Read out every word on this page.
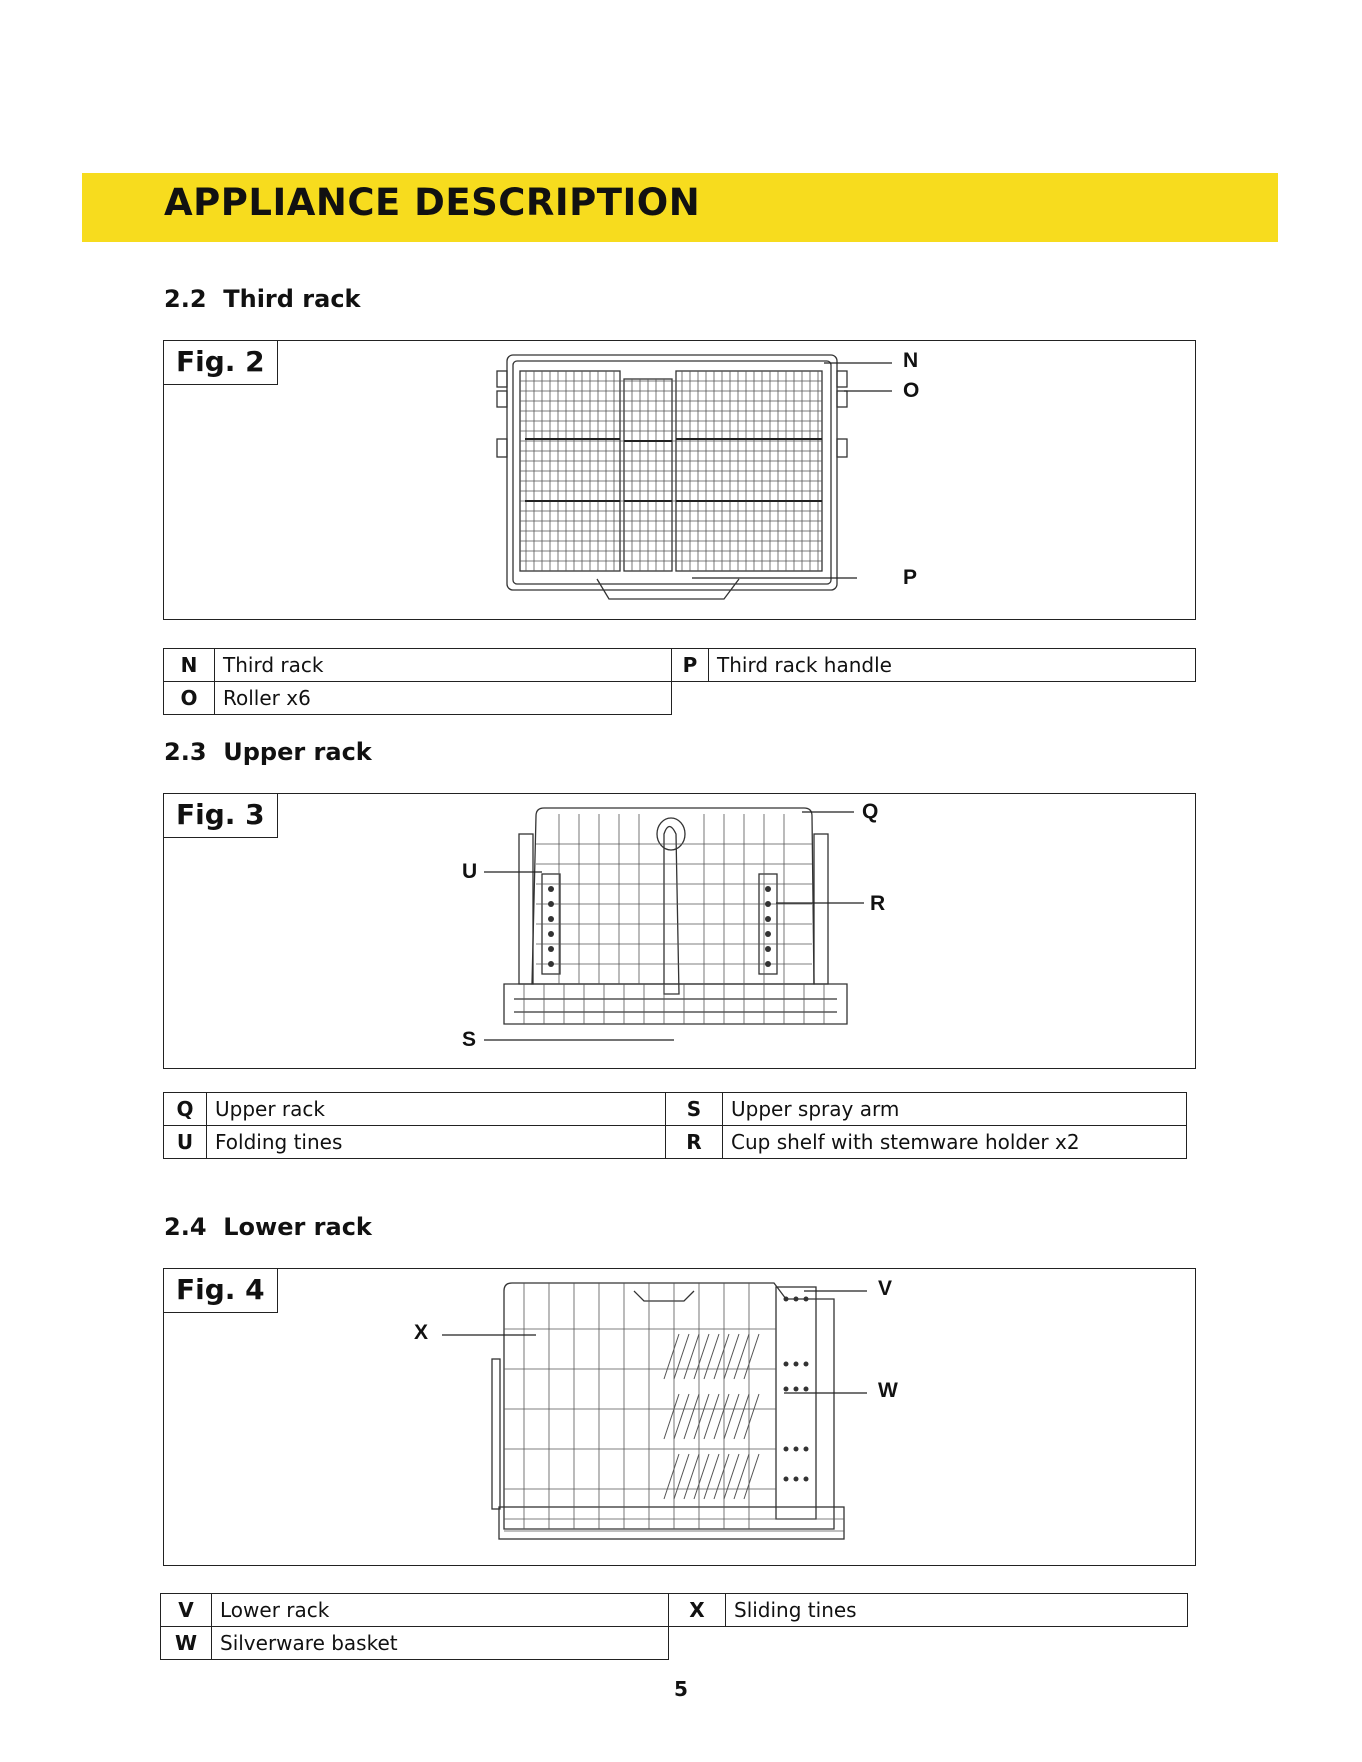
APPLIANCE DESCRIPTION
2.2 Third rack
Fig. 2	N
O
P
N	Third rack	P	Third rack handle
O	Roller x6		
2.3 Upper rack
Fig. 3	Q
U
R
S
Q	Upper rack	S	Upper spray arm
U	Folding tines	R	Cup shelf with stemware holder x2
2.4 Lower rack
Fig. 4	V
X
W
V	Lower rack	X	Sliding tines
W	Silverware basket		
5
